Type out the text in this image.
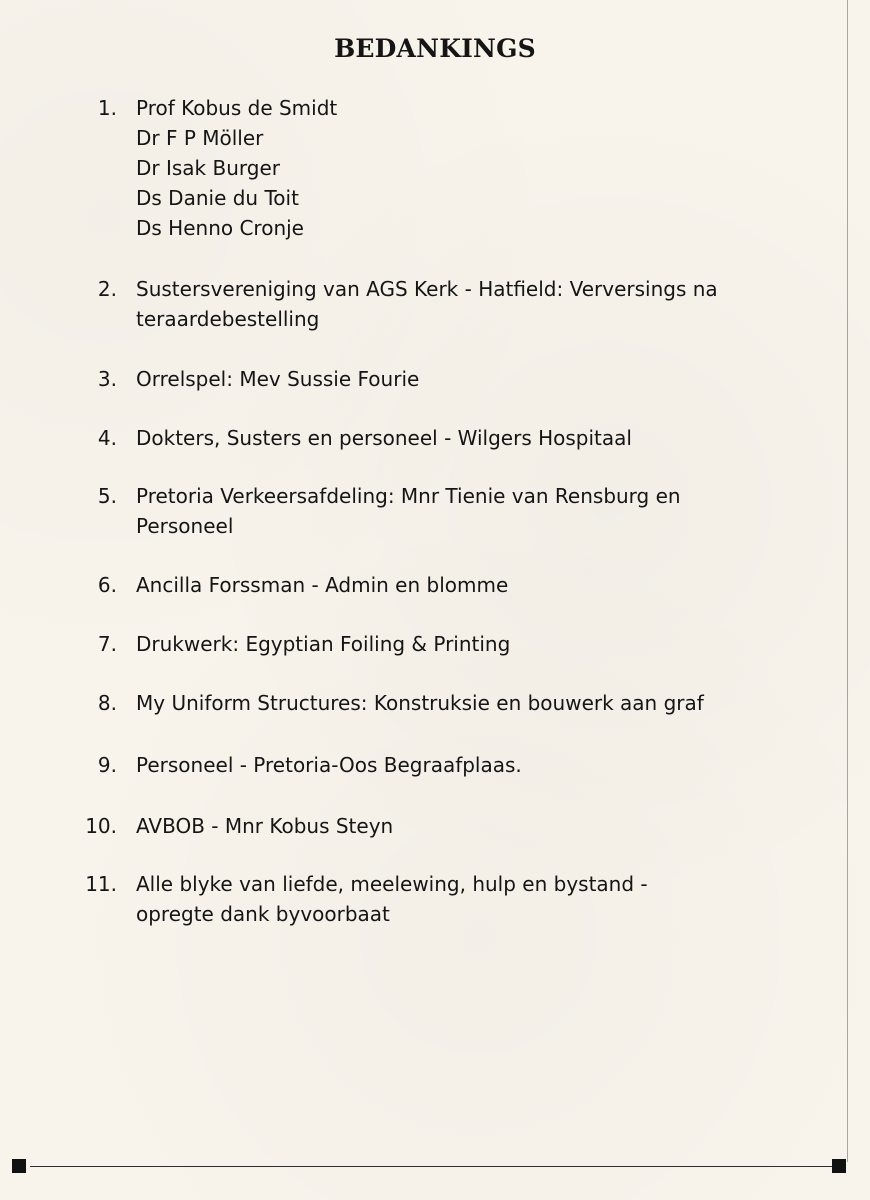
BEDANKINGS
1. Prof Kobus de Smidt
Dr F P Möller
Dr Isak Burger
Ds Danie du Toit
Ds Henno Cronje
2. Sustersvereniging van AGS Kerk - Hatfield: Verversings na
teraardebestelling
3. Orrelspel: Mev Sussie Fourie
4. Dokters, Susters en personeel - Wilgers Hospitaal
5. Pretoria Verkeersafdeling: Mnr Tienie van Rensburg en
Personeel
6. Ancilla Forssman - Admin en blomme
7. Drukwerk: Egyptian Foiling & Printing
8. My Uniform Structures: Konstruksie en bouwerk aan graf
9. Personeel - Pretoria-Oos Begraafplaas.
10. AVBOB - Mnr Kobus Steyn
11. Alle blyke van liefde, meelewing, hulp en bystand -
opregte dank byvoorbaat
